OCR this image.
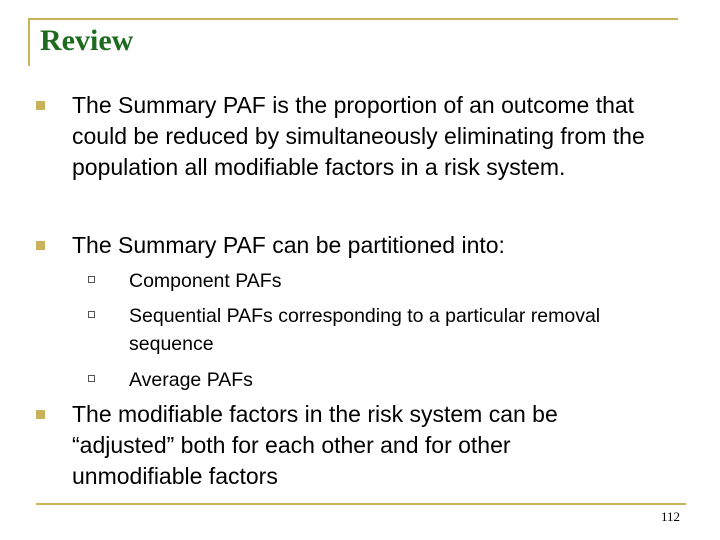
Review
The Summary PAF is the proportion of an outcome that could be reduced by simultaneously eliminating from the population all modifiable factors in a risk system.
The Summary PAF can be partitioned into:
Component PAFs
Sequential PAFs corresponding to a particular removal sequence
Average PAFs
The modifiable factors in the risk system can be “adjusted” both for each other and for other unmodifiable factors
112
